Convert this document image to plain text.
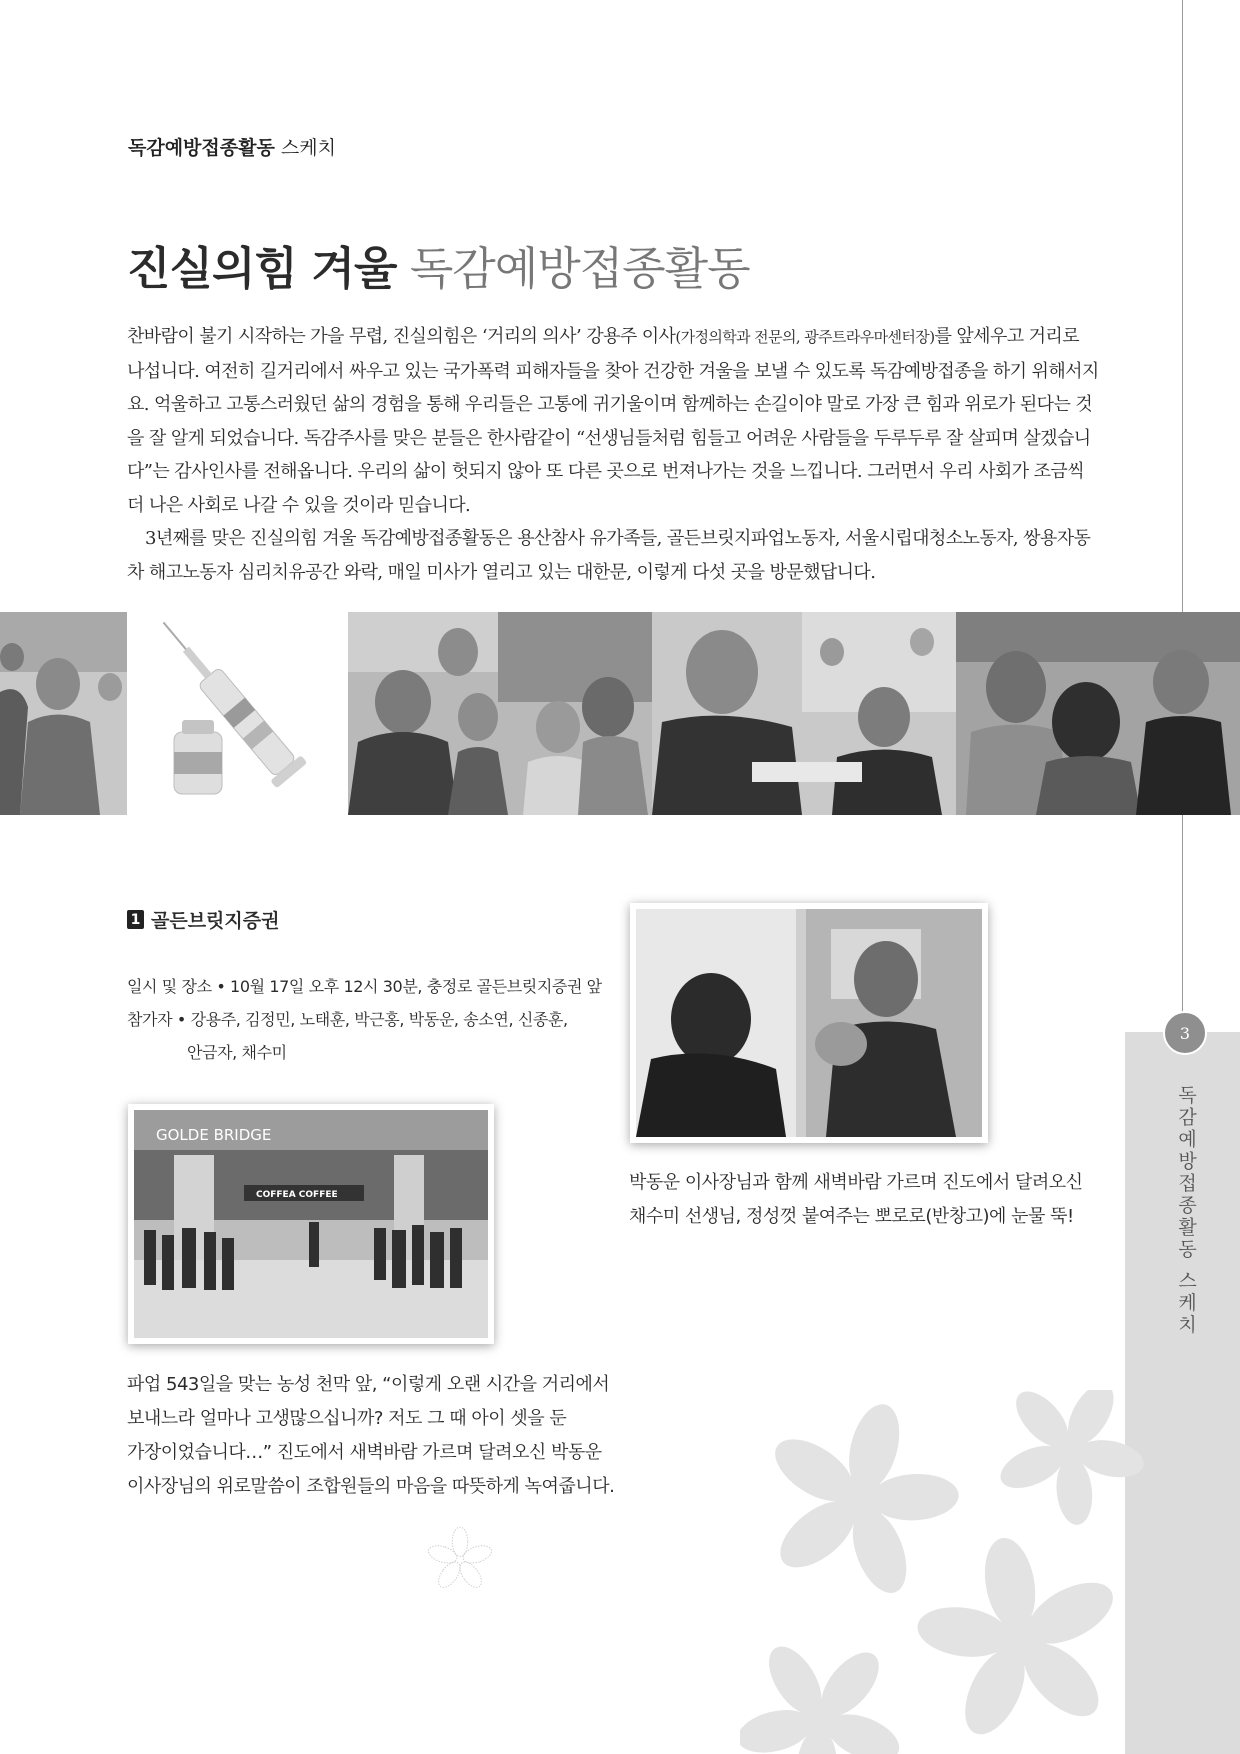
3
독감예방접종활동 스케치
독감예방접종활동 스케치
진실의힘 겨울 독감예방접종활동

찬바람이 불기 시작하는 가을 무렵, 진실의힘은 ‘거리의 의사’ 강용주 이사(가정의학과 전문의, 광주트라우마센터장)를 앞세우고 거리로 나섭니다. 여전히 길거리에서 싸우고 있는 국가폭력 피해자들을 찾아 건강한 겨울을 보낼 수 있도록 독감예방접종을 하기 위해서지요. 억울하고 고통스러웠던 삶의 경험을 통해 우리들은 고통에 귀기울이며 함께하는 손길이야 말로 가장 큰 힘과 위로가 된다는 것을 잘 알게 되었습니다. 독감주사를 맞은 분들은 한사람같이 “선생님들처럼 힘들고 어려운 사람들을 두루두루 잘 살피며 살겠습니다”는 감사인사를 전해옵니다. 우리의 삶이 헛되지 않아 또 다른 곳으로 번져나가는 것을 느낍니다. 그러면서 우리 사회가 조금씩 더 나은 사회로 나갈 수 있을 것이라 믿습니다.

3년째를 맞은 진실의힘 겨울 독감예방접종활동은 용산참사 유가족들, 골든브릿지파업노동자, 서울시립대청소노동자, 쌍용자동차 해고노동자 심리치유공간 와락, 매일 미사가 열리고 있는 대한문, 이렇게 다섯 곳을 방문했답니다.

1 골든브릿지증권
일시 및 장소 • 10월 17일 오후 12시 30분, 충정로 골든브릿지증권 앞
참가자 • 강용주, 김정민, 노태훈, 박근홍, 박동운, 송소연, 신종훈,
안금자, 채수미
GOLDE BRIDGE
COFFEA COFFEE
파업 543일을 맞는 농성 천막 앞, “이렇게 오랜 시간을 거리에서
보내느라 얼마나 고생많으십니까? 저도 그 때 아이 셋을 둔
가장이었습니다…” 진도에서 새벽바람 가르며 달려오신 박동운
이사장님의 위로말씀이 조합원들의 마음을 따뜻하게 녹여줍니다.
박동운 이사장님과 함께 새벽바람 가르며 진도에서 달려오신
채수미 선생님, 정성껏 붙여주는 뽀로로(반창고)에 눈물 뚝!
